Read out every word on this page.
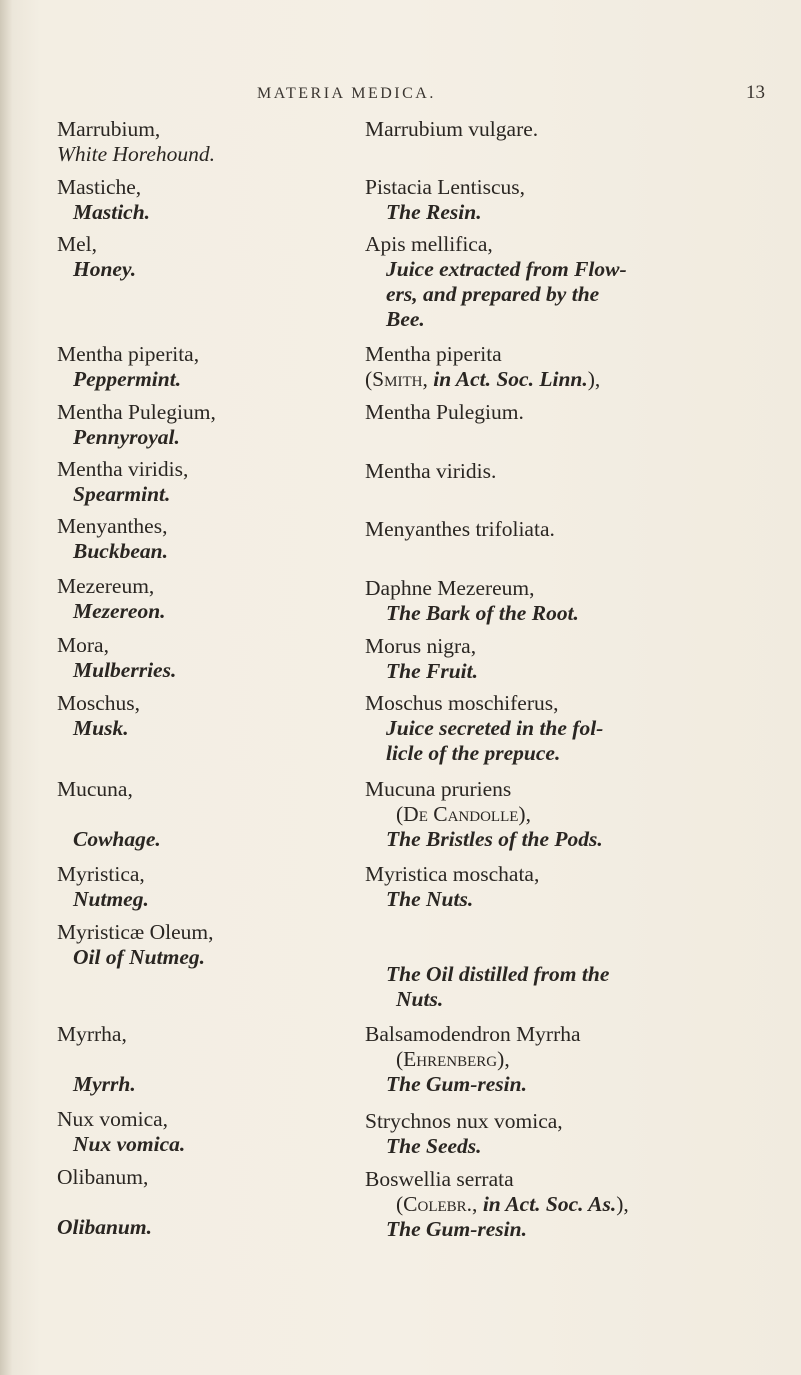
MATERIA MEDICA.	13
Marrubium,
White Horehound.
Marrubium vulgare.
Mastiche,
Mastich.
Pistacia Lentiscus,
The Resin.
Mel,
Honey.
Apis mellifica,
Juice extracted from Flow-
ers, and prepared by the
Bee.
Mentha piperita,
Peppermint.
Mentha piperita
(Smith, in Act. Soc. Linn.),
Mentha Pulegium,
Pennyroyal.
Mentha Pulegium.
Mentha viridis,
Spearmint.
Mentha viridis.
Menyanthes,
Buckbean.
Menyanthes trifoliata.
Mezereum,
Mezereon.
Daphne Mezereum,
The Bark of the Root.
Mora,
Mulberries.
Morus nigra,
The Fruit.
Moschus,
Musk.
Moschus moschiferus,
Juice secreted in the fol-
licle of the prepuce.
Mucuna,
Cowhage.
Mucuna pruriens
(De Candolle),
The Bristles of the Pods.
Myristica,
Nutmeg.
Myristica moschata,
The Nuts.
Myristicæ Oleum,
Oil of Nutmeg.
The Oil distilled from the
Nuts.
Myrrha,
Myrrh.
Balsamodendron Myrrha
(Ehrenberg),
The Gum-resin.
Nux vomica,
Nux vomica.
Strychnos nux vomica,
The Seeds.
Olibanum,
Olibanum.
Boswellia serrata
(Colebr., in Act. Soc. As.),
The Gum-resin.
